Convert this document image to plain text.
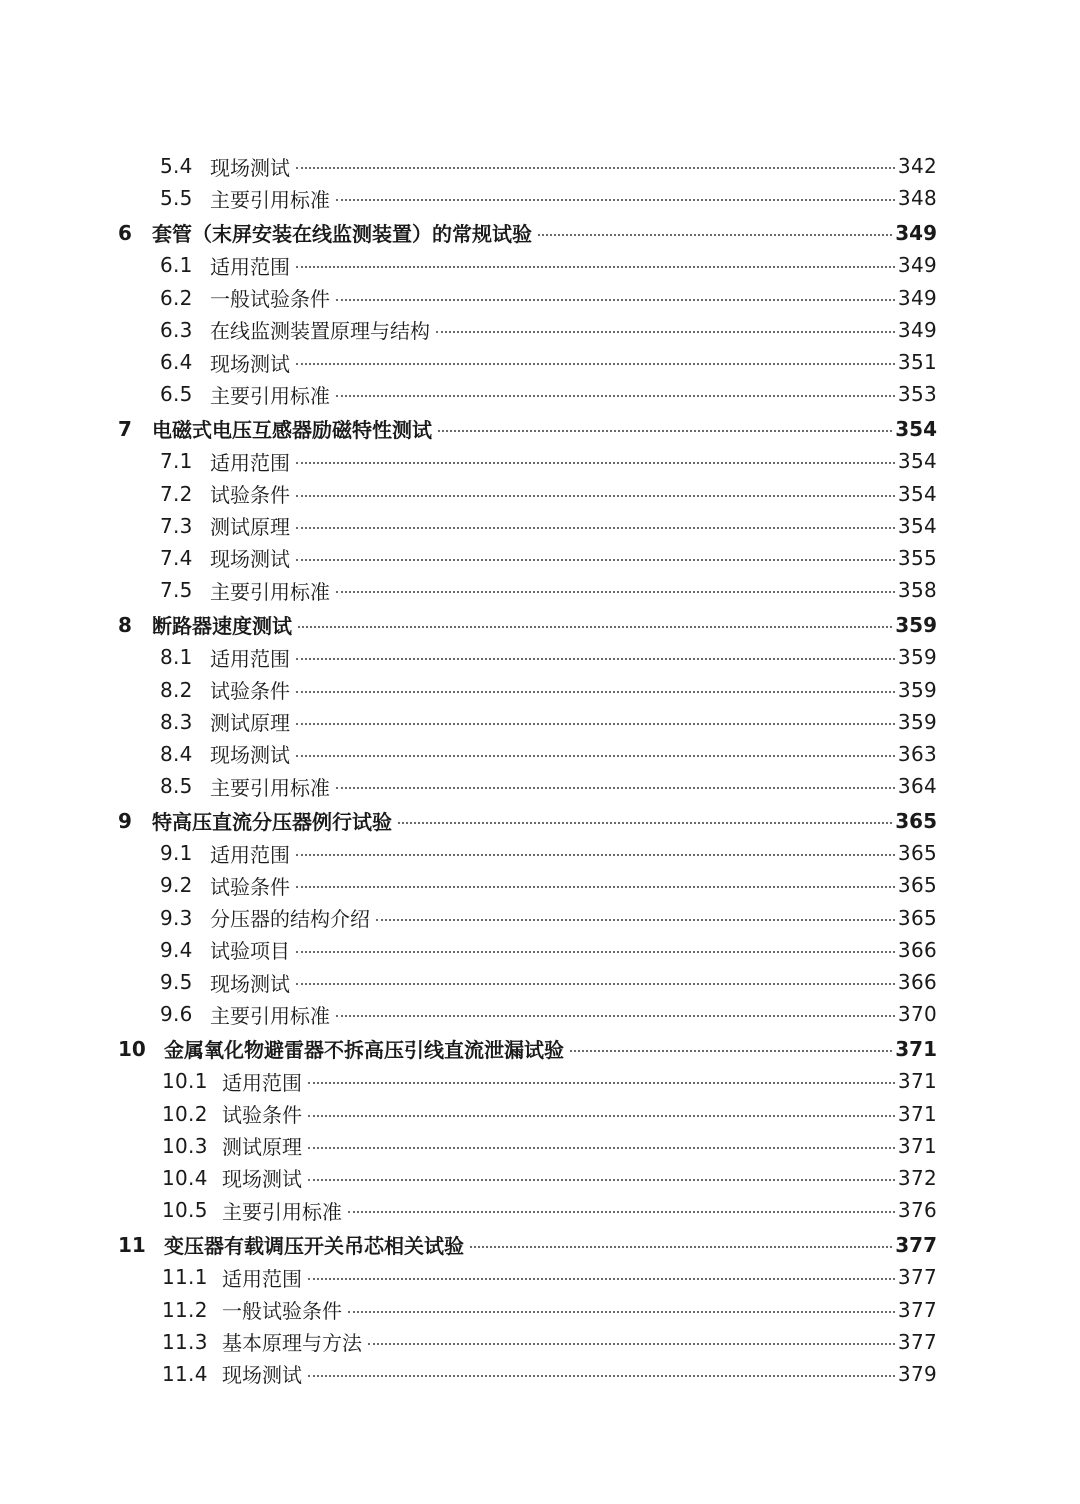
5.4 现场测试	342
5.5 主要引用标准	348
6	套管（末屏安装在线监测装置）的常规试验	349
6.1 适用范围	349
6.2 一般试验条件	349
6.3 在线监测装置原理与结构	349
6.4 现场测试	351
6.5 主要引用标准	353
7	电磁式电压互感器励磁特性测试	354
7.1 适用范围	354
7.2 试验条件	354
7.3 测试原理	354
7.4 现场测试	355
7.5 主要引用标准	358
8	断路器速度测试	359
8.1 适用范围	359
8.2 试验条件	359
8.3 测试原理	359
8.4 现场测试	363
8.5 主要引用标准	364
9	特高压直流分压器例行试验	365
9.1 适用范围	365
9.2 试验条件	365
9.3 分压器的结构介绍	365
9.4 试验项目	366
9.5 现场测试	366
9.6 主要引用标准	370
10 金属氧化物避雷器不拆高压引线直流泄漏试验	371
10.1 适用范围	371
10.2 试验条件	371
10.3 测试原理	371
10.4 现场测试	372
10.5 主要引用标准	376
11 变压器有载调压开关吊芯相关试验	377
11.1 适用范围	377
11.2 一般试验条件	377
11.3 基本原理与方法	377
11.4 现场测试	379
